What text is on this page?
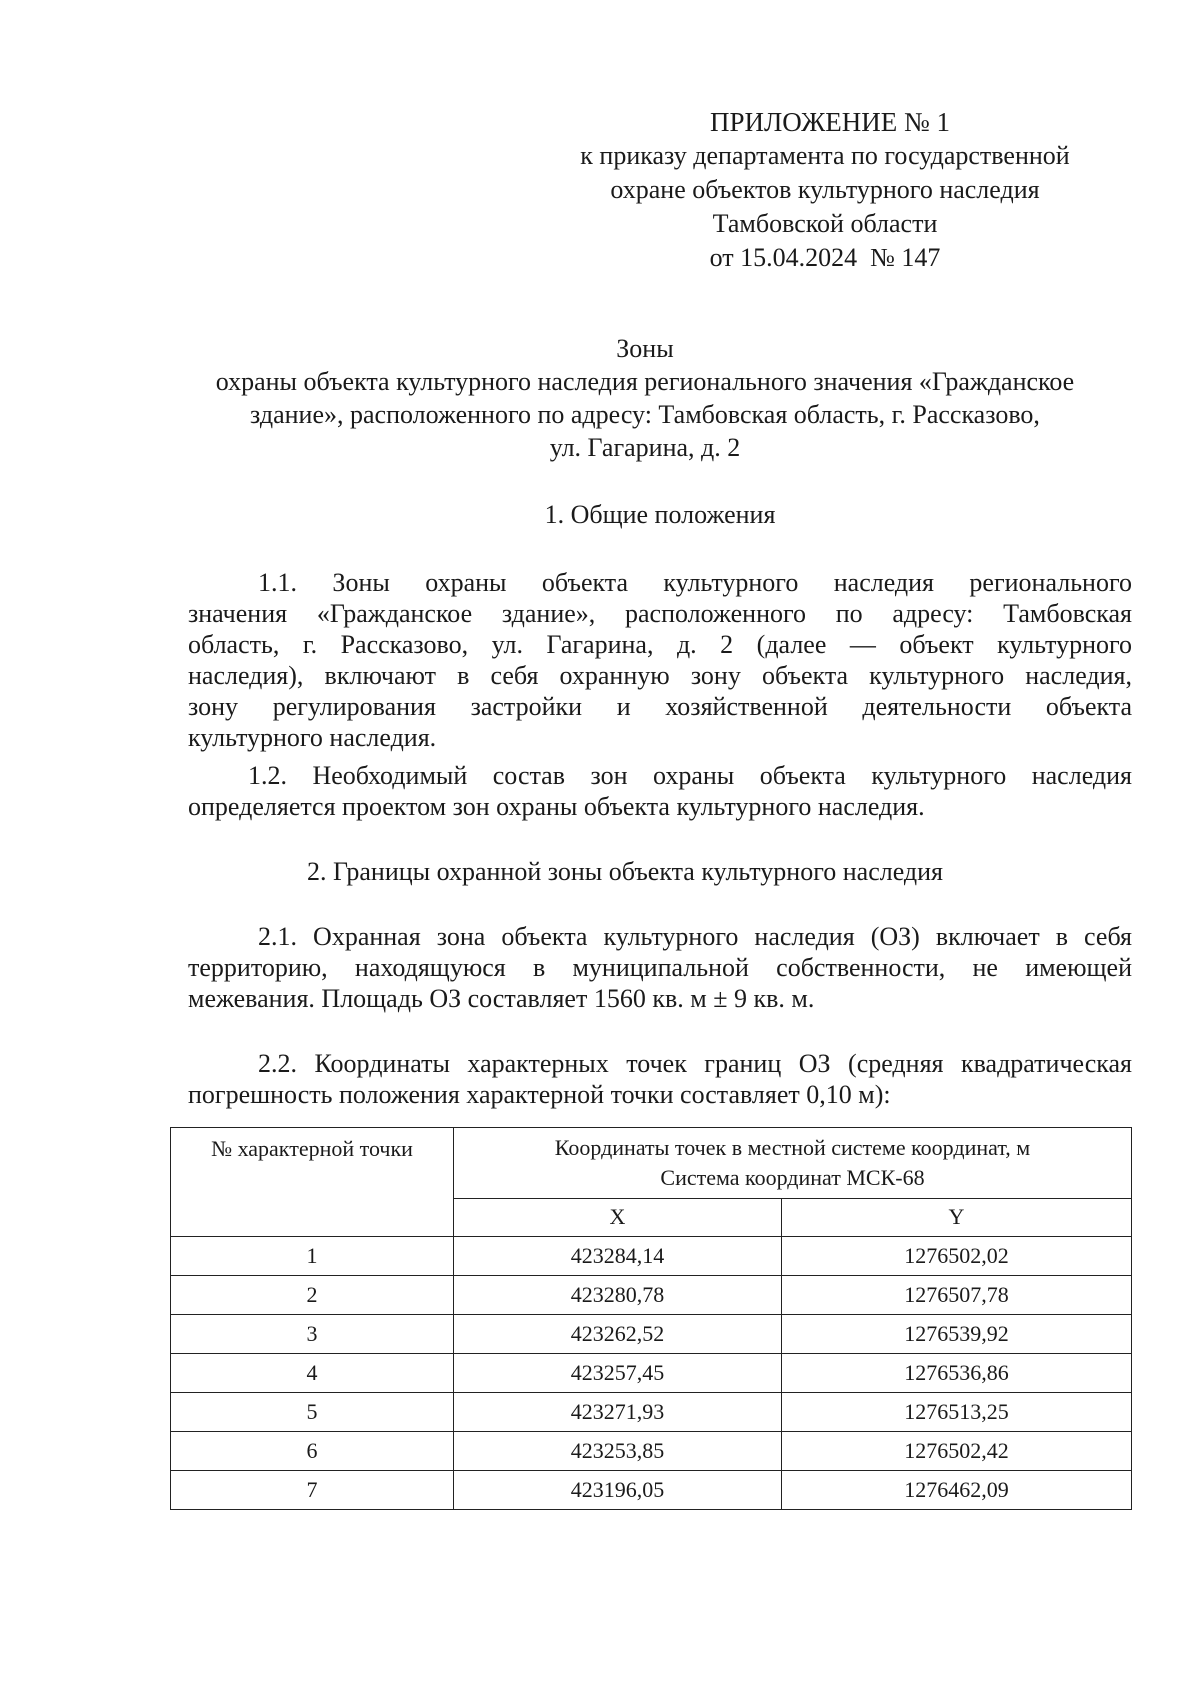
ПРИЛОЖЕНИЕ № 1
к приказу департамента по государственной
охране объектов культурного наследия
Тамбовской области
от 15.04.2024  № 147
Зоны
охраны объекта культурного наследия регионального значения «Гражданское
здание», расположенного по адресу: Тамбовская область, г. Рассказово,
ул. Гагарина, д. 2
1. Общие положения
1.1. Зоны охраны объекта культурного наследия регионального
значения «Гражданское здание», расположенного по адресу: Тамбовская
область, г. Рассказово, ул. Гагарина, д. 2 (далее — объект культурного
наследия), включают в себя охранную зону объекта культурного наследия,
зону регулирования застройки и хозяйственной деятельности объекта
культурного наследия.
1.2. Необходимый состав зон охраны объекта культурного наследия
определяется проектом зон охраны объекта культурного наследия.
2. Границы охранной зоны объекта культурного наследия
2.1. Охранная зона объекта культурного наследия (ОЗ) включает в себя
территорию, находящуюся в муниципальной собственности, не имеющей
межевания. Площадь ОЗ составляет 1560 кв. м ± 9 кв. м.
2.2. Координаты характерных точек границ ОЗ (средняя квадратическая
погрешность положения характерной точки составляет 0,10 м):
№ характерной точки	Координаты точек в местной системе координат, м
Система координат МСК-68	

	X	Y
1	423284,14	1276502,02
2	423280,78	1276507,78
3	423262,52	1276539,92
4	423257,45	1276536,86
5	423271,93	1276513,25
6	423253,85	1276502,42
7	423196,05	1276462,09
